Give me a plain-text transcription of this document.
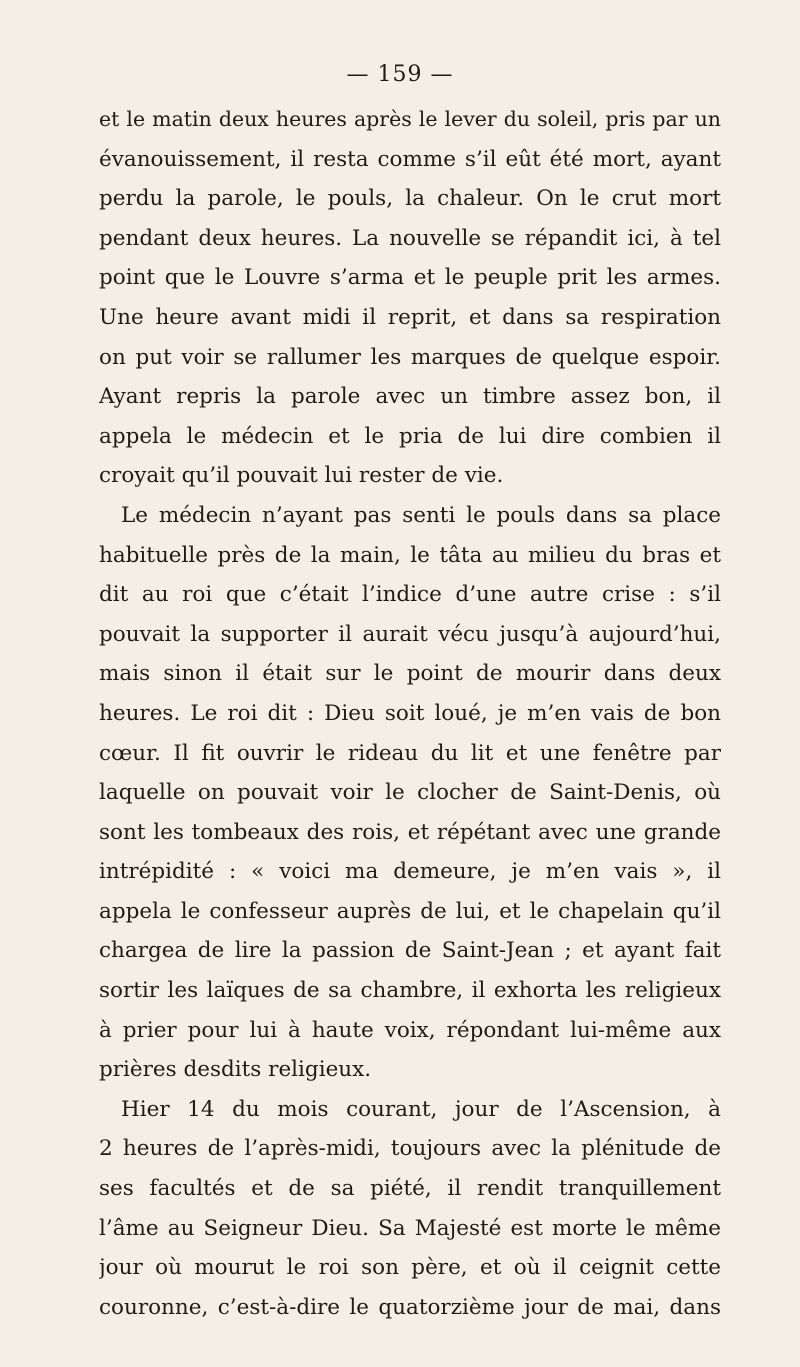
— 159 —
et le matin deux heures après le lever du soleil, pris par un
évanouissement, il resta comme s’il eût été mort, ayant
perdu la parole, le pouls, la chaleur. On le crut mort
pendant deux heures. La nouvelle se répandit ici, à tel
point que le Louvre s’arma et le peuple prit les armes.
Une heure avant midi il reprit, et dans sa respiration
on put voir se rallumer les marques de quelque espoir.
Ayant repris la parole avec un timbre assez bon, il
appela le médecin et le pria de lui dire combien il
croyait qu’il pouvait lui rester de vie.
Le médecin n’ayant pas senti le pouls dans sa place
habituelle près de la main, le tâta au milieu du bras et
dit au roi que c’était l’indice d’une autre crise : s’il
pouvait la supporter il aurait vécu jusqu’à aujourd’hui,
mais sinon il était sur le point de mourir dans deux
heures. Le roi dit : Dieu soit loué, je m’en vais de bon
cœur. Il fit ouvrir le rideau du lit et une fenêtre par
laquelle on pouvait voir le clocher de Saint-Denis, où
sont les tombeaux des rois, et répétant avec une grande
intrépidité : « voici ma demeure, je m’en vais », il
appela le confesseur auprès de lui, et le chapelain qu’il
chargea de lire la passion de Saint-Jean ; et ayant fait
sortir les laïques de sa chambre, il exhorta les religieux
à prier pour lui à haute voix, répondant lui-même aux
prières desdits religieux.
Hier 14 du mois courant, jour de l’Ascension, à
2 heures de l’après-midi, toujours avec la plénitude de
ses facultés et de sa piété, il rendit tranquillement
l’âme au Seigneur Dieu. Sa Majesté est morte le même
jour où mourut le roi son père, et où il ceignit cette
couronne, c’est-à-dire le quatorzième jour de mai, dans
